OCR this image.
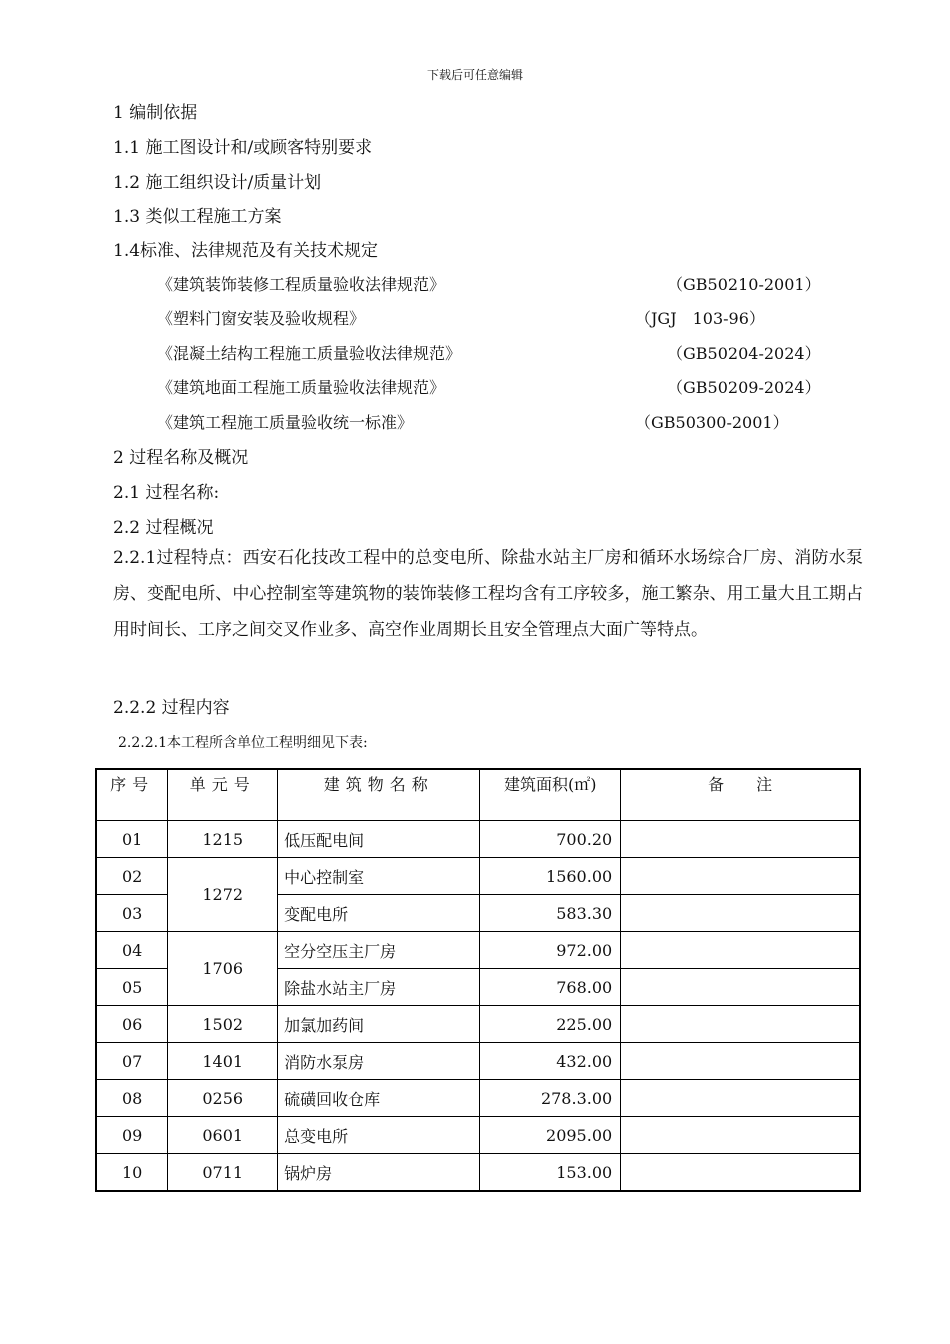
下载后可任意编辑
1 编制依据
1.1 施工图设计和/或顾客特别要求
1.2 施工组织设计/质量计划
1.3 类似工程施工方案
1.4标准、法律规范及有关技术规定
《建筑装饰装修工程质量验收法律规范》	（GB50210-2001）
《塑料门窗安装及验收规程》	（JGJ　103-96）
《混凝土结构工程施工质量验收法律规范》	（GB50204-2024）
《建筑地面工程施工质量验收法律规范》	（GB50209-2024）
《建筑工程施工质量验收统一标准》	（GB50300-2001）
2 过程名称及概况
2.1 过程名称:
2.2 过程概况
2.2.1过程特点：西安石化技改工程中的总变电所、除盐水站主厂房和循环水场综合厂房、消防水泵房、变配电所、中心控制室等建筑物的装饰装修工程均含有工序较多，施工繁杂、用工量大且工期占用时间长、工序之间交叉作业多、高空作业周期长且安全管理点大面广等特点。
2.2.2 过程内容
2.2.2.1本工程所含单位工程明细见下表:
序号	单元号	建筑物名称	建筑面积(㎡)	备　　注
01	1215	低压配电间	700.20	
02	1272	中心控制室	1560.00	
03		变配电所	583.30	
04	1706	空分空压主厂房	972.00	
05		除盐水站主厂房	768.00	
06	1502	加氯加药间	225.00	
07	1401	消防水泵房	432.00	
08	0256	硫磺回收仓库	278.3.00	
09	0601	总变电所	2095.00	
10	0711	锅炉房	153.00	
